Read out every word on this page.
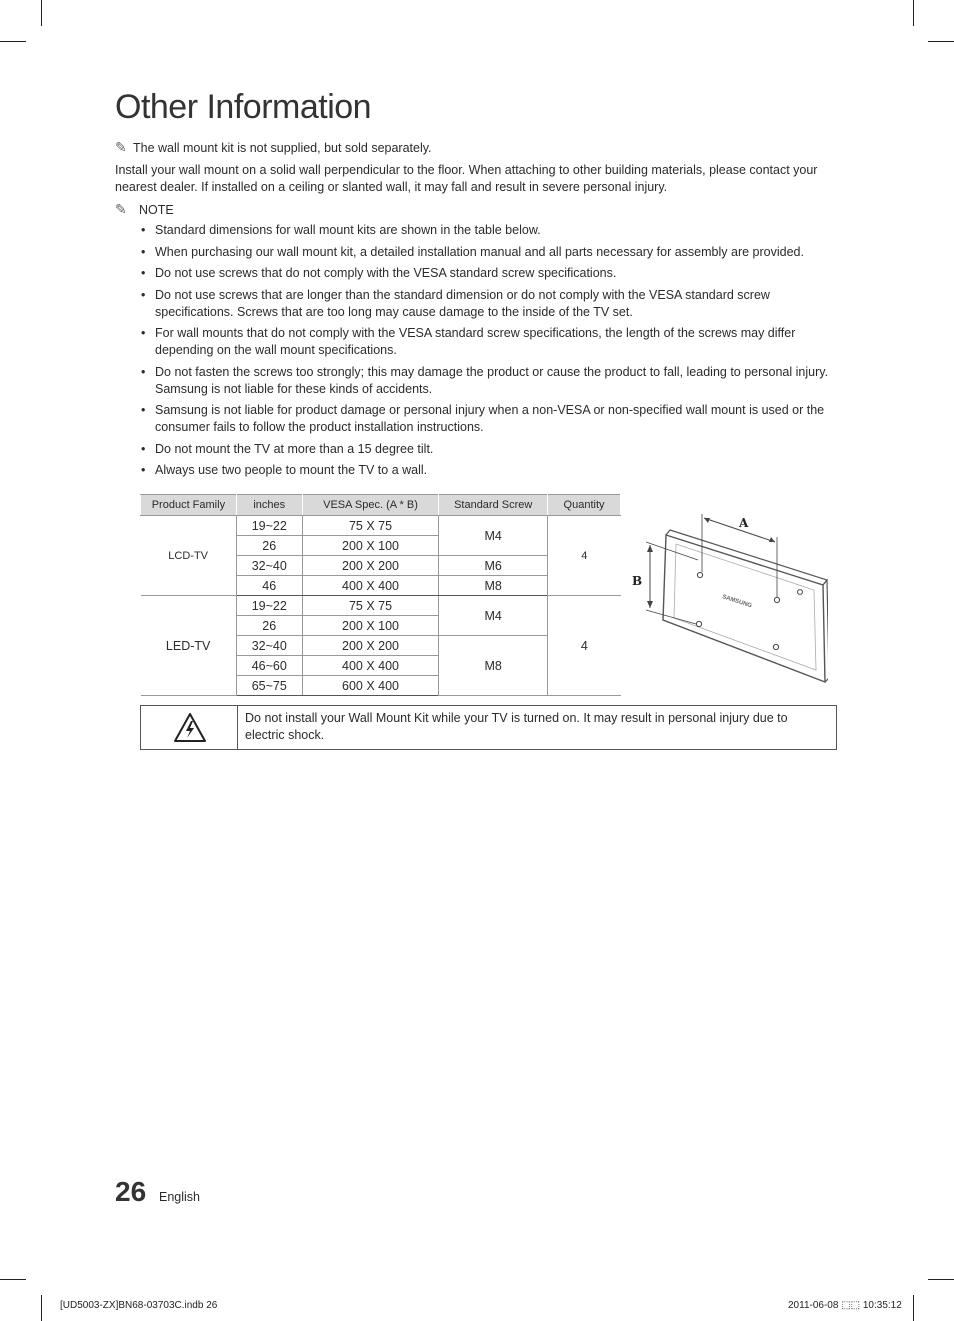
Other Information
✎ The wall mount kit is not supplied, but sold separately.
Install your wall mount on a solid wall perpendicular to the floor. When attaching to other building materials, please contact your nearest dealer. If installed on a ceiling or slanted wall, it may fall and result in severe personal injury.
✎ NOTE
• Standard dimensions for wall mount kits are shown in the table below.
• When purchasing our wall mount kit, a detailed installation manual and all parts necessary for assembly are provided.
• Do not use screws that do not comply with the VESA standard screw specifications.
• Do not use screws that are longer than the standard dimension or do not comply with the VESA standard screw specifications. Screws that are too long may cause damage to the inside of the TV set.
• For wall mounts that do not comply with the VESA standard screw specifications, the length of the screws may differ depending on the wall mount specifications.
• Do not fasten the screws too strongly; this may damage the product or cause the product to fall, leading to personal injury. Samsung is not liable for these kinds of accidents.
• Samsung is not liable for product damage or personal injury when a non-VESA or non-specified wall mount is used or the consumer fails to follow the product installation instructions.
• Do not mount the TV at more than a 15 degree tilt.
• Always use two people to mount the TV to a wall.
Product Family	inches	VESA Spec. (A * B)	Standard Screw	Quantity
LCD-TV	19~22	75 X 75	M4	4
	26	200 X 100		
	32~40	200 X 200	M6	
	46	400 X 400	M8	
LED-TV	19~22	75 X 75	M4	4
	26	200 X 100		
	32~40	200 X 200	M8	
	46~60	400 X 400		
	65~75	600 X 400		
A
B
SAMSUNG
Do not install your Wall Mount Kit while your TV is turned on. It may result in personal injury due to electric shock.
26 English
[UD5003-ZX]BN68-03703C.indb 26	2011-06-08 ⬚⬚ 10:35:12
